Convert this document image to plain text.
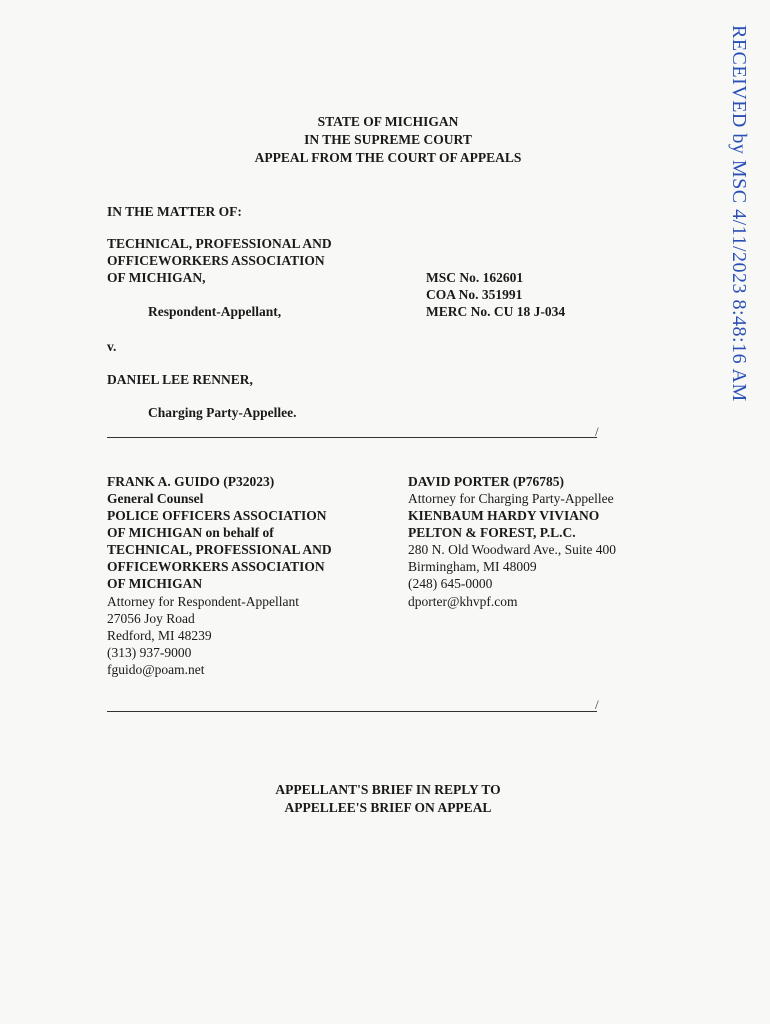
RECEIVED by MSC 4/11/2023 8:48:16 AM
STATE OF MICHIGAN
IN THE SUPREME COURT
APPEAL FROM THE COURT OF APPEALS
IN THE MATTER OF:
TECHNICAL, PROFESSIONAL AND
OFFICEWORKERS ASSOCIATION
OF MICHIGAN,
Respondent-Appellant,
MSC No. 162601
COA No. 351991
MERC No. CU 18 J-034
v.
DANIEL LEE RENNER,
Charging Party-Appellee.
/
FRANK A. GUIDO (P32023)
General Counsel
POLICE OFFICERS ASSOCIATION
OF MICHIGAN on behalf of
TECHNICAL, PROFESSIONAL AND
OFFICEWORKERS ASSOCIATION
OF MICHIGAN
Attorney for Respondent-Appellant
27056 Joy Road
Redford, MI 48239
(313) 937-9000
fguido@poam.net
DAVID PORTER (P76785)
Attorney for Charging Party-Appellee
KIENBAUM HARDY VIVIANO
PELTON & FOREST, P.L.C.
280 N. Old Woodward Ave., Suite 400
Birmingham, MI 48009
(248) 645-0000
dporter@khvpf.com
/
APPELLANT'S BRIEF IN REPLY TO
APPELLEE'S BRIEF ON APPEAL
